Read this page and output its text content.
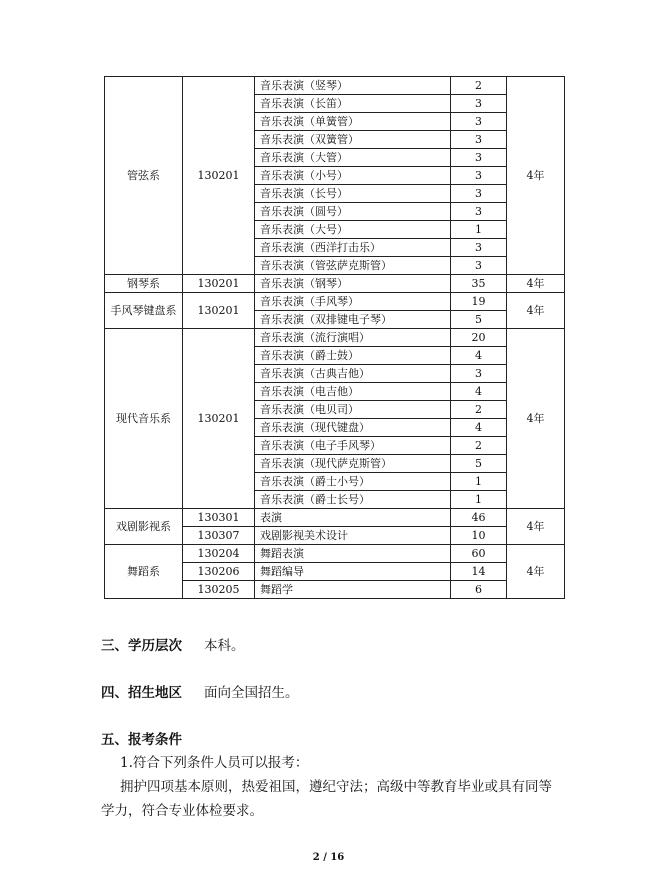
管弦系	130201	音乐表演（竖琴）	2	4年
		音乐表演（长笛）	3	
		音乐表演（单簧管）	3	
		音乐表演（双簧管）	3	
		音乐表演（大管）	3	
		音乐表演（小号）	3	
		音乐表演（长号）	3	
		音乐表演（圆号）	3	
		音乐表演（大号）	1	
		音乐表演（西洋打击乐）	3	
		音乐表演（管弦萨克斯管）	3	
钢琴系	130201	音乐表演（钢琴）	35	4年
手风琴键盘系	130201	音乐表演（手风琴）	19	4年
		音乐表演（双排键电子琴）	5	
现代音乐系	130201	音乐表演（流行演唱）	20	4年
		音乐表演（爵士鼓）	4	
		音乐表演（古典吉他）	3	
		音乐表演（电吉他）	4	
		音乐表演（电贝司）	2	
		音乐表演（现代键盘）	4	
		音乐表演（电子手风琴）	2	
		音乐表演（现代萨克斯管）	5	
		音乐表演（爵士小号）	1	
		音乐表演（爵士长号）	1	
戏剧影视系	130301	表演	46	4年
	130307	戏剧影视美术设计	10	
舞蹈系	130204	舞蹈表演	60	4年
	130206	舞蹈编导	14	
	130205	舞蹈学	6	
三、学历层次 本科。
四、招生地区 面向全国招生。
五、报考条件
1.符合下列条件人员可以报考：
拥护四项基本原则，热爱祖国，遵纪守法；高级中等教育毕业或具有同等学力，符合专业体检要求。
2 / 16
